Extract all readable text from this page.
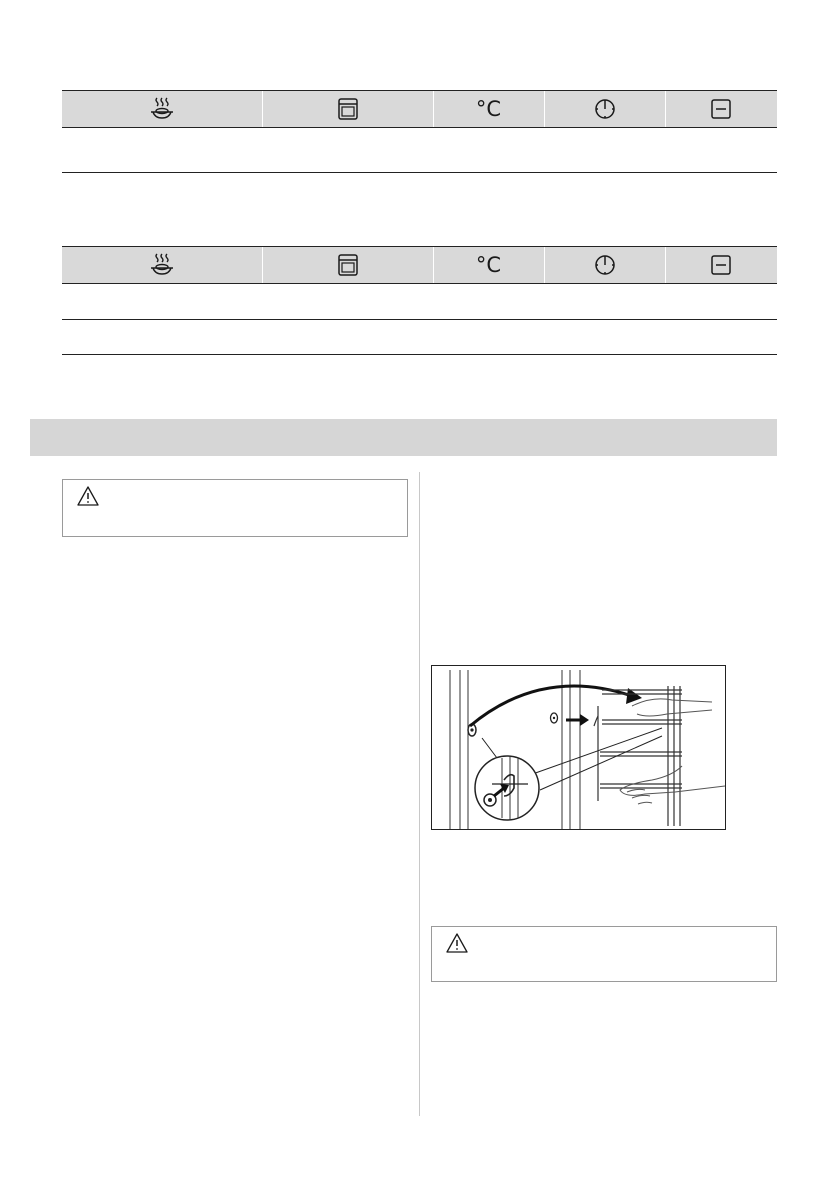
°C
°C
